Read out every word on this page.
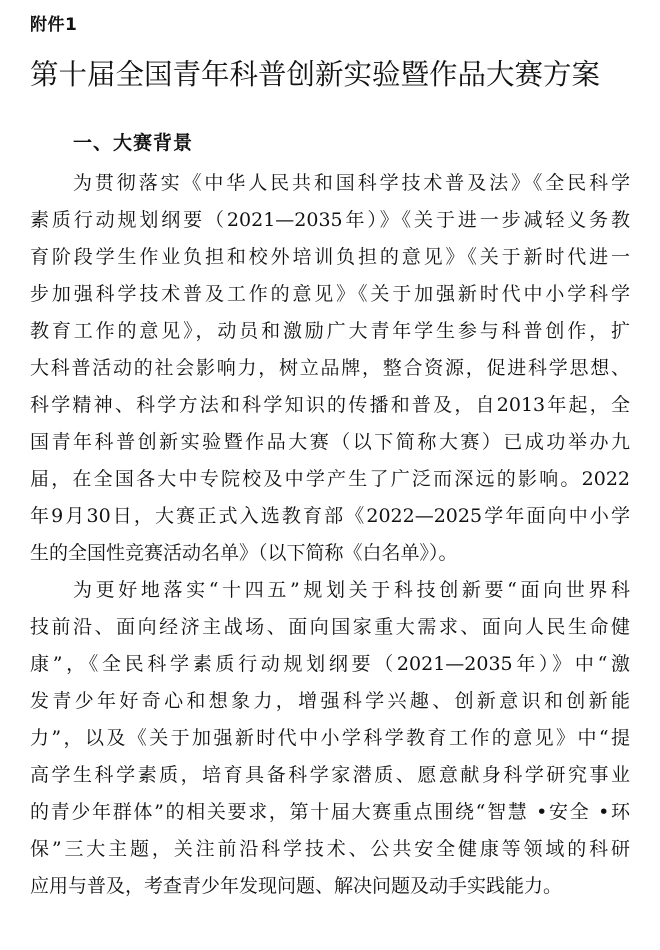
附件1
第十届全国青年科普创新实验暨作品大赛方案
一、大赛背景
为贯彻落实《中华人民共和国科学技术普及法》《全民科学
素质行动规划纲要（2021—2035年）》《关于进一步减轻义务教
育阶段学生作业负担和校外培训负担的意见》《关于新时代进一
步加强科学技术普及工作的意见》《关于加强新时代中小学科学
教育工作的意见》，动员和激励广大青年学生参与科普创作，扩
大科普活动的社会影响力，树立品牌，整合资源，促进科学思想、
科学精神、科学方法和科学知识的传播和普及，自2013年起，全
国青年科普创新实验暨作品大赛（以下简称大赛）已成功举办九
届，在全国各大中专院校及中学产生了广泛而深远的影响。2022
年9月30日，大赛正式入选教育部《2022—2025学年面向中小学
生的全国性竞赛活动名单》（以下简称《白名单》）。
为更好地落实“十四五”规划关于科技创新要“面向世界科
技前沿、面向经济主战场、面向国家重大需求、面向人民生命健
康”，《全民科学素质行动规划纲要（2021—2035年）》中“激
发青少年好奇心和想象力，增强科学兴趣、创新意识和创新能
力”，以及《关于加强新时代中小学科学教育工作的意见》中“提
高学生科学素质，培育具备科学家潜质、愿意献身科学研究事业
的青少年群体”的相关要求，第十届大赛重点围绕“智慧 •安全 •环
保”三大主题，关注前沿科学技术、公共安全健康等领域的科研
应用与普及，考查青少年发现问题、解决问题及动手实践能力。
